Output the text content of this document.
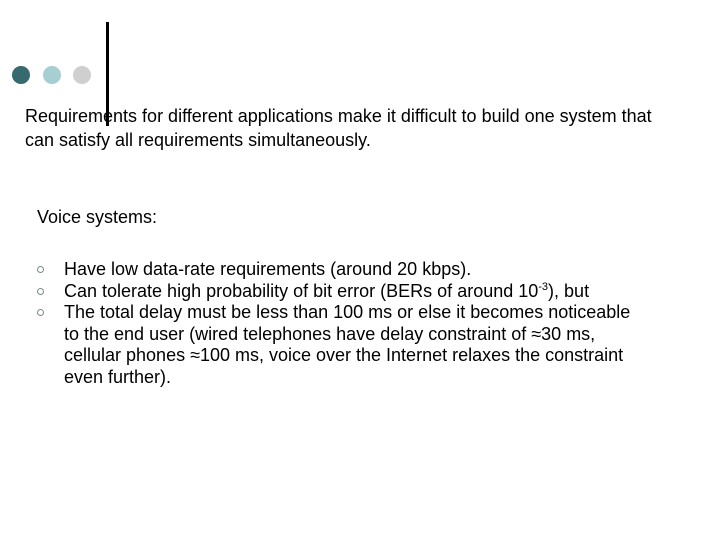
Requirements for different applications make it difficult to build one system that can satisfy all requirements simultaneously.

Voice systems:

Have low data-rate requirements (around 20 kbps).
Can tolerate high probability of bit error (BERs of around $10^{-3}$), but
The total delay must be less than 100 ms or else it becomes noticeable to the end user (wired telephones have delay constraint of ≈30 ms, cellular phones ≈100 ms, voice over the Internet relaxes the constraint even further).
